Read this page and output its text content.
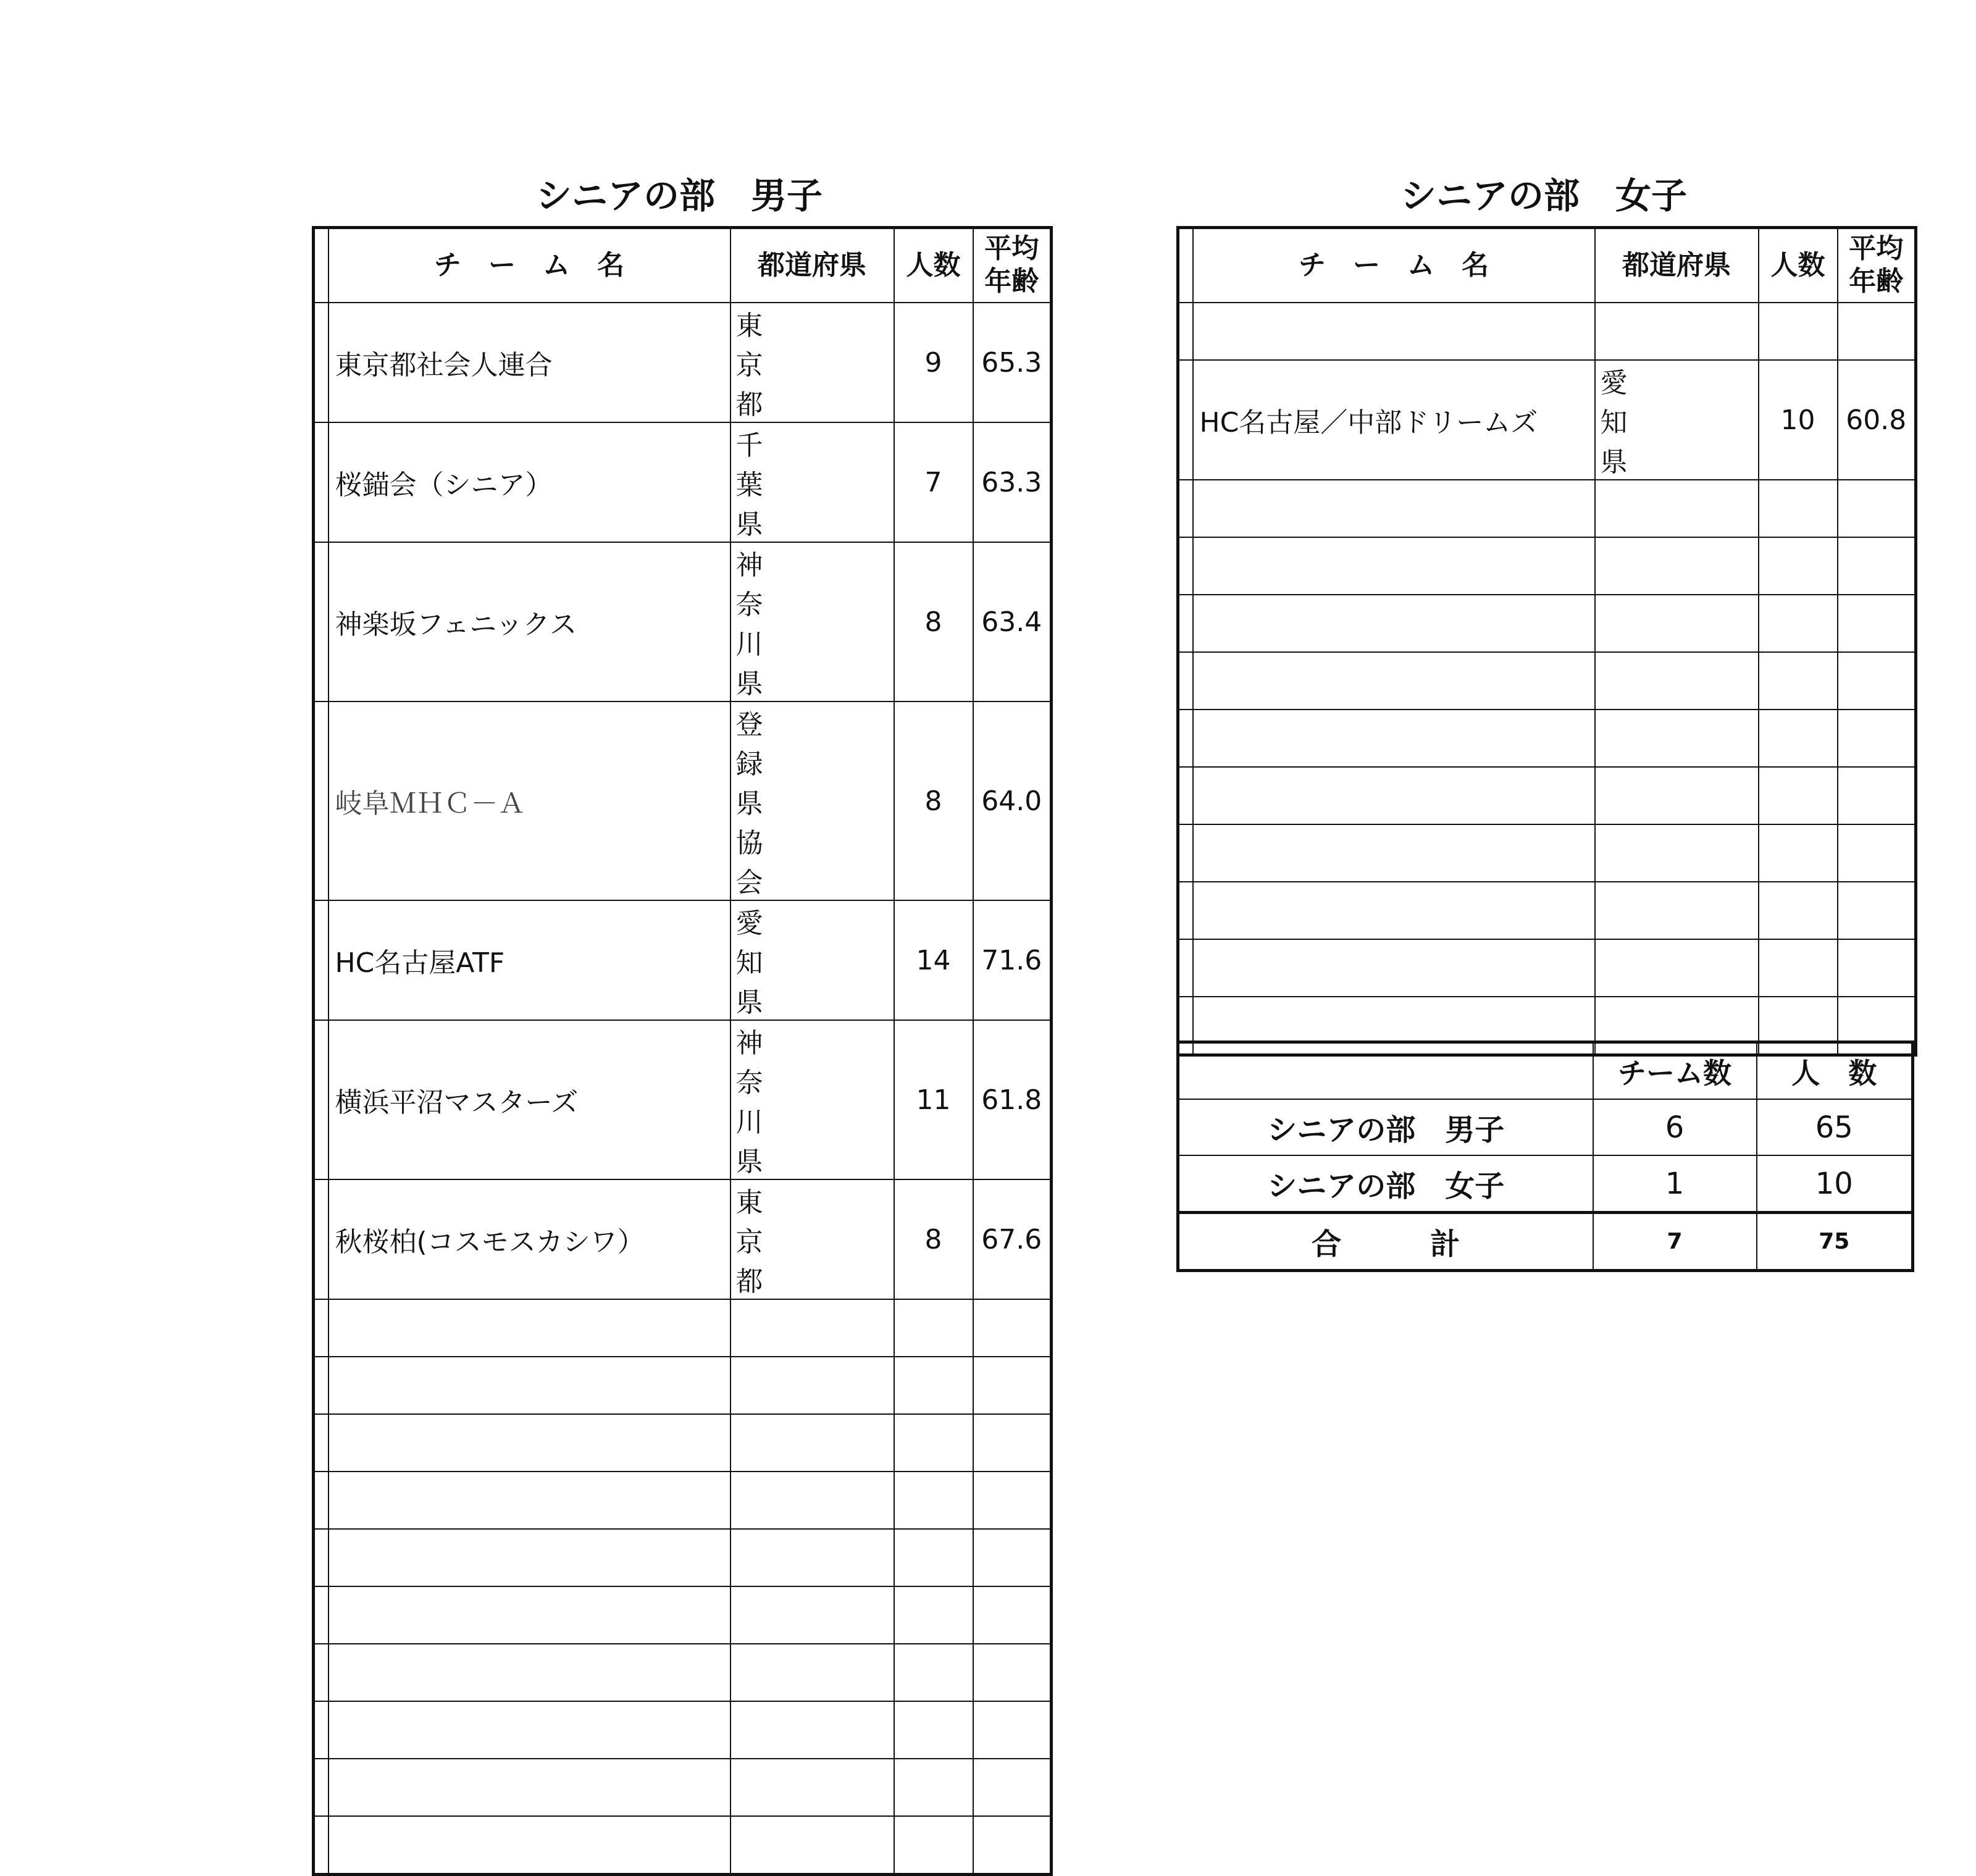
シニアの部　男子	シニアの部　女子
	チ　ー　ム　名	都道府県	人数	平均
年齢

	東京都社会人連合	東
京
都	9	65.3
	桜錨会（シニア）	千
葉
県	7	63.3
	神楽坂フェニックス	神
奈
川
県	8	63.4
	岐阜ＭＨＣ－Ａ	登
録
県
協
会	8	64.0
	HC名古屋ATF	愛
知
県	14	71.6
	横浜平沼マスターズ	神
奈
川
県	11	61.8
	秋桜柏(コスモスカシワ）	東
京
都	8	67.6

	チ　ー　ム　名	都道府県	人数	平均
年齢

	HC名古屋／中部ドリームズ	愛
知
県	10	60.8

	チーム数	人　数
シニアの部　男子	6	65
シニアの部　女子	1	10
合　　　計	7	75
